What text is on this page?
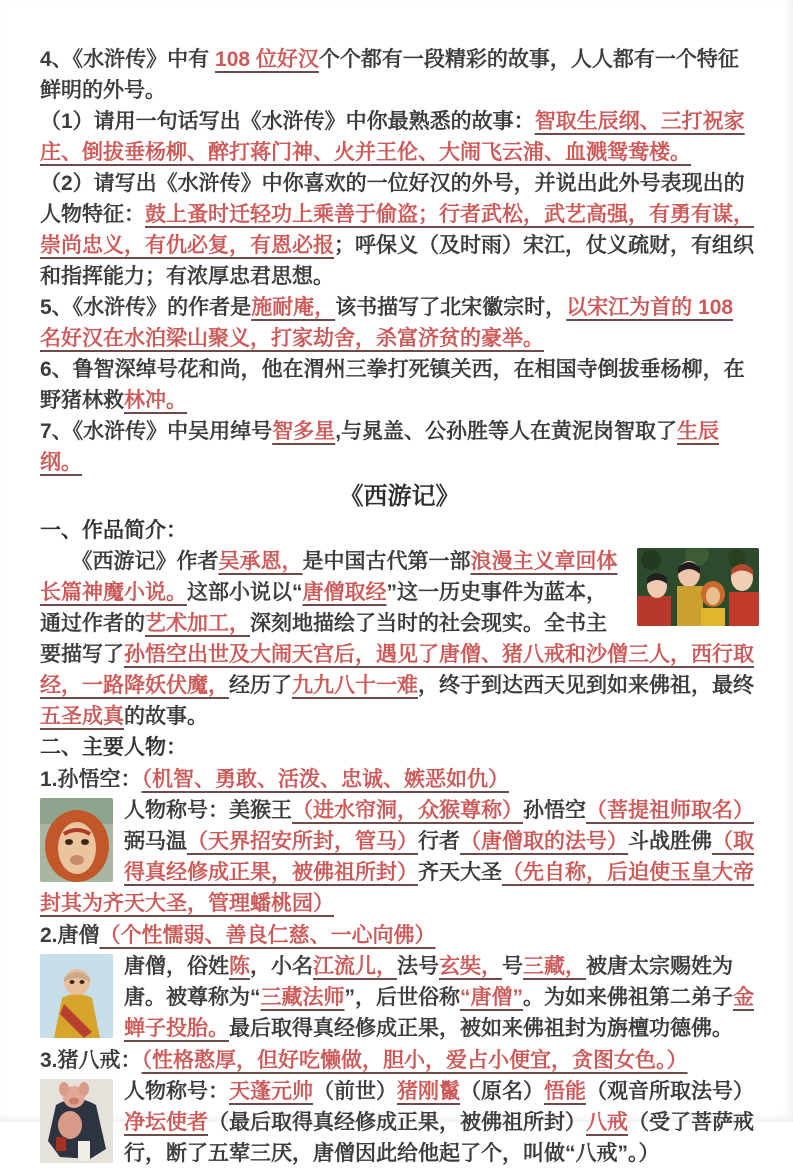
4、《水浒传》中有 108 位好汉个个都有一段精彩的故事，人人都有一个特征鲜明的外号。

（1）请用一句话写出《水浒传》中你最熟悉的故事：智取生辰纲、三打祝家庄、倒拔垂杨柳、醉打蒋门神、火并王伦、大闹飞云浦、血溅鸳鸯楼。

（2）请写出《水浒传》中你喜欢的一位好汉的外号，并说出此外号表现出的人物特征：鼓上蚤时迁轻功上乘善于偷盗；行者武松，武艺高强，有勇有谋，崇尚忠义，有仇必复，有恩必报；呼保义（及时雨）宋江，仗义疏财，有组织和指挥能力；有浓厚忠君思想。

5、《水浒传》的作者是施耐庵，该书描写了北宋徽宗时，以宋江为首的 108 名好汉在水泊梁山聚义，打家劫舍，杀富济贫的豪举。

6、鲁智深绰号花和尚，他在渭州三拳打死镇关西，在相国寺倒拔垂杨柳，在野猪林救林冲。

7、《水浒传》中吴用绰号智多星,与晁盖、公孙胜等人在黄泥岗智取了生辰纲。

《西游记》

一、作品简介：

《西游记》作者吴承恩，是中国古代第一部浪漫主义章回体长篇神魔小说。这部小说以“唐僧取经”这一历史事件为蓝本，通过作者的艺术加工，深刻地描绘了当时的社会现实。全书主要描写了孙悟空出世及大闹天宫后，遇见了唐僧、猪八戒和沙僧三人，西行取经，一路降妖伏魔，经历了九九八十一难，终于到达西天见到如来佛祖，最终五圣成真的故事。

二、主要人物：

1.孙悟空：（机智、勇敢、活泼、忠诚、嫉恶如仇）

人物称号：美猴王（进水帘洞，众猴尊称）孙悟空（菩提祖师取名）弼马温（天界招安所封，管马）行者（唐僧取的法号）斗战胜佛（取得真经修成正果，被佛祖所封）齐天大圣（先自称，后迫使玉皇大帝封其为齐天大圣，管理蟠桃园）

2.唐僧（个性懦弱、善良仁慈、一心向佛）

唐僧，俗姓陈，小名江流儿，法号玄奘，号三藏，被唐太宗赐姓为唐。被尊称为“三藏法师”，后世俗称“唐僧”。为如来佛祖第二弟子金蝉子投胎。最后取得真经修成正果，被如来佛祖封为旃檀功德佛。

3.猪八戒：（性格憨厚，但好吃懒做，胆小，爱占小便宜，贪图女色。）

人物称号：天蓬元帅（前世）猪刚鬣（原名）悟能（观音所取法号）净坛使者（最后取得真经修成正果，被佛祖所封）八戒（受了菩萨戒行，断了五荤三厌，唐僧因此给他起了个，叫做“八戒”。）
